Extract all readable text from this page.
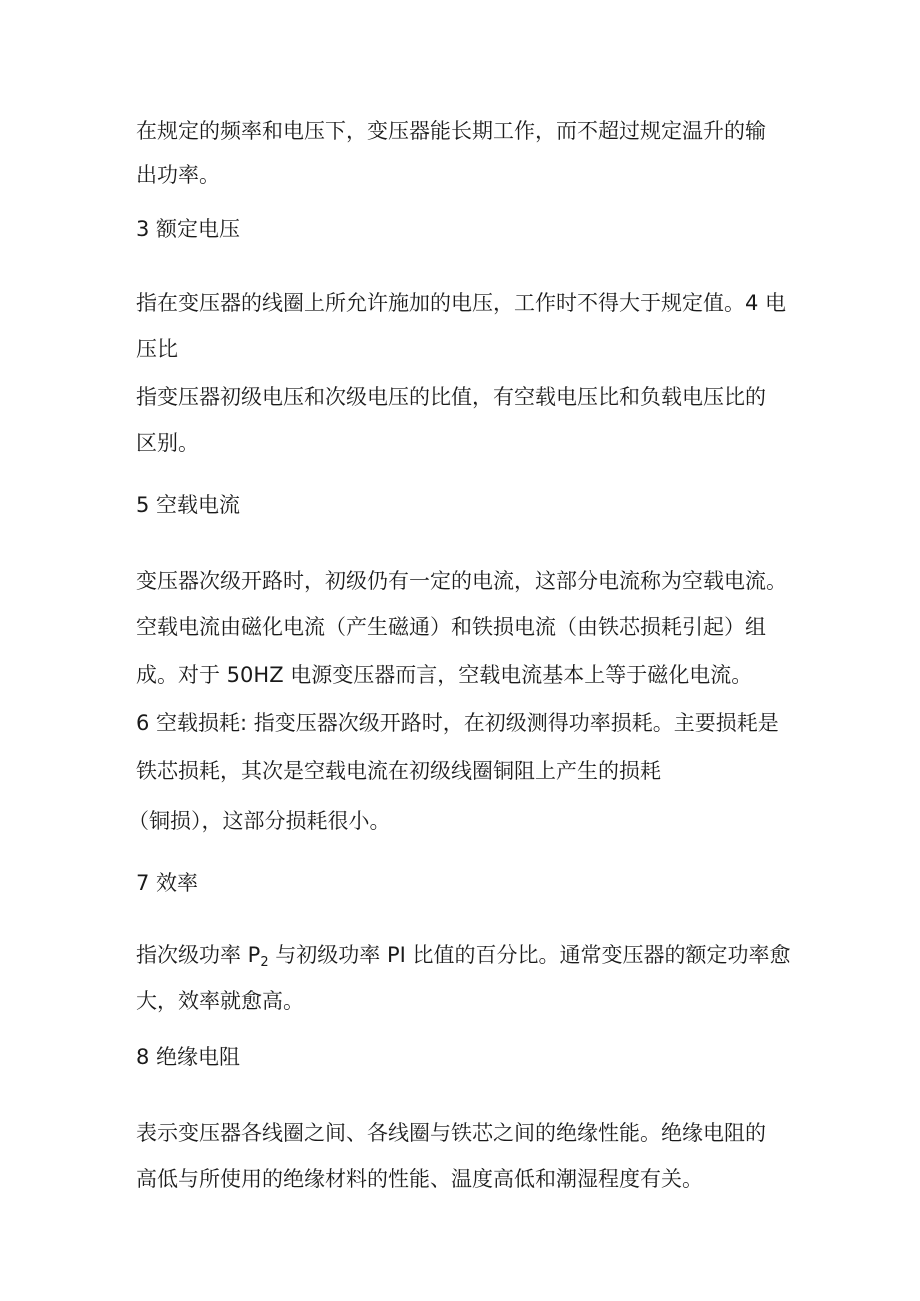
在规定的频率和电压下，变压器能长期工作，而不超过规定温升的输
出功率。
3 额定电压
指在变压器的线圈上所允许施加的电压，工作时不得大于规定值。4 电
压比
指变压器初级电压和次级电压的比值，有空载电压比和负载电压比的
区别。
5 空载电流
变压器次级开路时，初级仍有一定的电流，这部分电流称为空载电流。
空载电流由磁化电流（产生磁通）和铁损电流（由铁芯损耗引起）组
成。对于 50HZ 电源变压器而言，空载电流基本上等于磁化电流。
6 空载损耗: 指变压器次级开路时，在初级测得功率损耗。主要损耗是
铁芯损耗，其次是空载电流在初级线圈铜阻上产生的损耗
（铜损），这部分损耗很小。
7 效率
指次级功率 $P_2$ 与初级功率 PI 比值的百分比。通常变压器的额定功率愈
大，效率就愈高。
8 绝缘电阻
表示变压器各线圈之间、各线圈与铁芯之间的绝缘性能。绝缘电阻的
高低与所使用的绝缘材料的性能、温度高低和潮湿程度有关。
